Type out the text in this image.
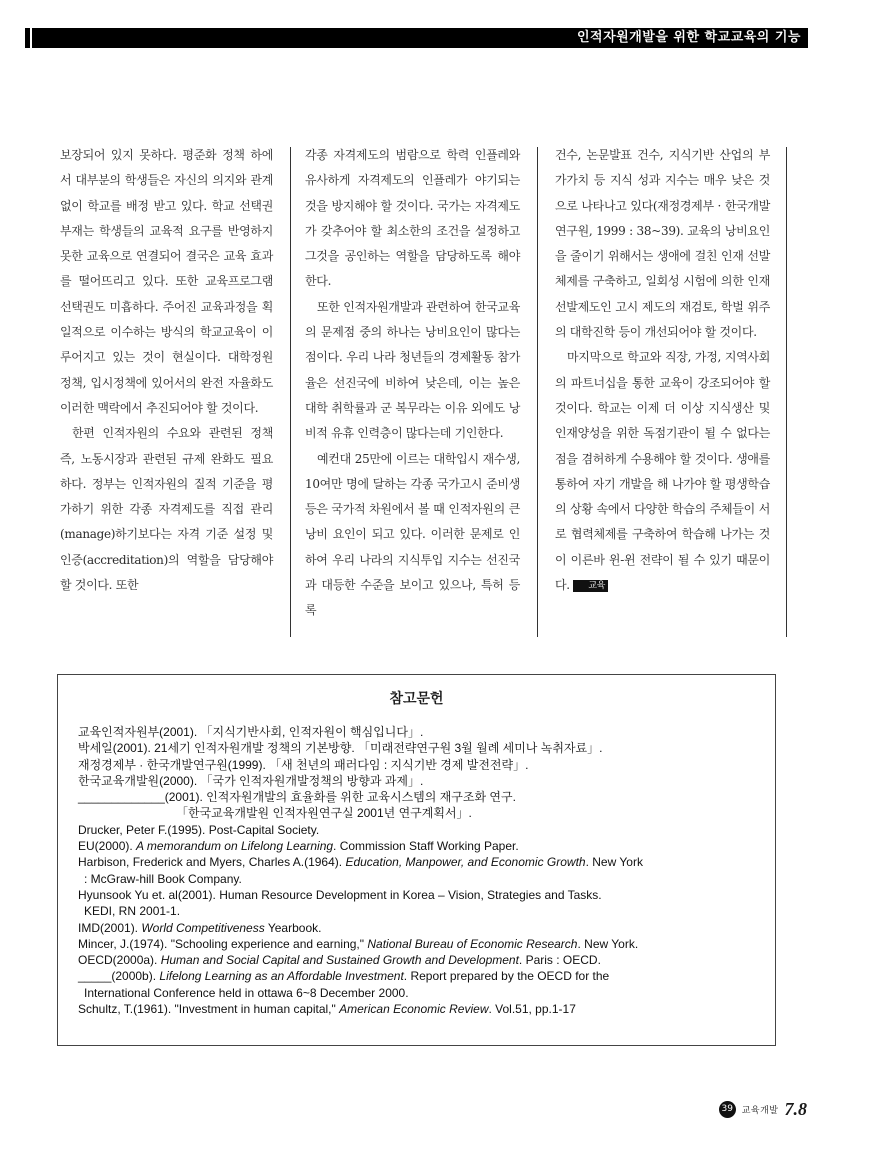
인적자원개발을 위한 학교교육의 기능

보장되어 있지 못하다. 평준화 정책 하에서 대부분의 학생들은 자신의 의지와 관계없이 학교를 배정 받고 있다. 학교 선택권 부재는 학생들의 교육적 요구를 반영하지 못한 교육으로 연결되어 결국은 교육 효과를 떨어뜨리고 있다. 또한 교육프로그램 선택권도 미흡하다. 주어진 교육과정을 획일적으로 이수하는 방식의 학교교육이 이루어지고 있는 것이 현실이다. 대학정원 정책, 입시정책에 있어서의 완전 자율화도 이러한 맥락에서 추진되어야 할 것이다.

한편 인적자원의 수요와 관련된 정책 즉, 노동시장과 관련된 규제 완화도 필요하다. 정부는 인적자원의 질적 기준을 평가하기 위한 각종 자격제도를 직접 관리(manage)하기보다는 자격 기준 설정 및 인증(accreditation)의 역할을 담당해야 할 것이다. 또한

각종 자격제도의 범람으로 학력 인플레와 유사하게 자격제도의 인플레가 야기되는 것을 방지해야 할 것이다. 국가는 자격제도가 갖추어야 할 최소한의 조건을 설정하고 그것을 공인하는 역할을 담당하도록 해야 한다.

또한 인적자원개발과 관련하여 한국교육의 문제점 중의 하나는 낭비요인이 많다는 점이다. 우리 나라 청년들의 경제활동 참가율은 선진국에 비하여 낮은데, 이는 높은 대학 취학률과 군 복무라는 이유 외에도 낭비적 유휴 인력층이 많다는데 기인한다.

예컨대 25만에 이르는 대학입시 재수생, 10여만 명에 달하는 각종 국가고시 준비생 등은 국가적 차원에서 볼 때 인적자원의 큰 낭비 요인이 되고 있다. 이러한 문제로 인하여 우리 나라의 지식투입 지수는 선진국과 대등한 수준을 보이고 있으나, 특허 등록

건수, 논문발표 건수, 지식기반 산업의 부가가치 등 지식 성과 지수는 매우 낮은 것으로 나타나고 있다(재정경제부 · 한국개발연구원, 1999 : 38~39). 교육의 낭비요인을 줄이기 위해서는 생애에 걸친 인재 선발체제를 구축하고, 일회성 시험에 의한 인재 선발제도인 고시 제도의 재검토, 학벌 위주의 대학진학 등이 개선되어야 할 것이다.

마지막으로 학교와 직장, 가정, 지역사회의 파트너십을 통한 교육이 강조되어야 할 것이다. 학교는 이제 더 이상 지식생산 및 인재양성을 위한 독점기관이 될 수 없다는 점을 겸허하게 수용해야 할 것이다. 생애를 통하여 자기 개발을 해 나가야 할 평생학습의 상황 속에서 다양한 학습의 주체들이 서로 협력체제를 구축하여 학습해 나가는 것이 이른바 윈-윈 전략이 될 수 있기 때문이다. 교육

참고문헌
교육인적자원부(2001). 「지식기반사회, 인적자원이 핵심입니다」.
박세일(2001). 21세기 인적자원개발 정책의 기본방향. 「미래전략연구원 3월 월례 세미나 녹취자료」.
재정경제부 · 한국개발연구원(1999). 「새 천년의 패러다임 : 지식기반 경제 발전전략」.
한국교육개발원(2000). 「국가 인적자원개발정책의 방향과 과제」.
_____________(2001). 인적자원개발의 효율화를 위한 교육시스템의 재구조화 연구.
「한국교육개발원 인적자원연구실 2001년 연구계획서」.
Drucker, Peter F.(1995). Post-Capital Society.
EU(2000). A memorandum on Lifelong Learning. Commission Staff Working Paper.
Harbison, Frederick and Myers, Charles A.(1964). Education, Manpower, and Economic Growth. New York
: McGraw-hill Book Company.
Hyunsook Yu et. al(2001). Human Resource Development in Korea – Vision, Strategies and Tasks.
KEDI, RN 2001-1.
IMD(2001). World Competitiveness Yearbook.
Mincer, J.(1974). "Schooling experience and earning," National Bureau of Economic Research. New York.
OECD(2000a). Human and Social Capital and Sustained Growth and Development. Paris : OECD.
_____(2000b). Lifelong Learning as an Affordable Investment. Report prepared by the OECD for the
International Conference held in ottawa 6~8 December 2000.
Schultz, T.(1961). "Investment in human capital," American Economic Review. Vol.51, pp.1-17
39 교육개발 7.8
